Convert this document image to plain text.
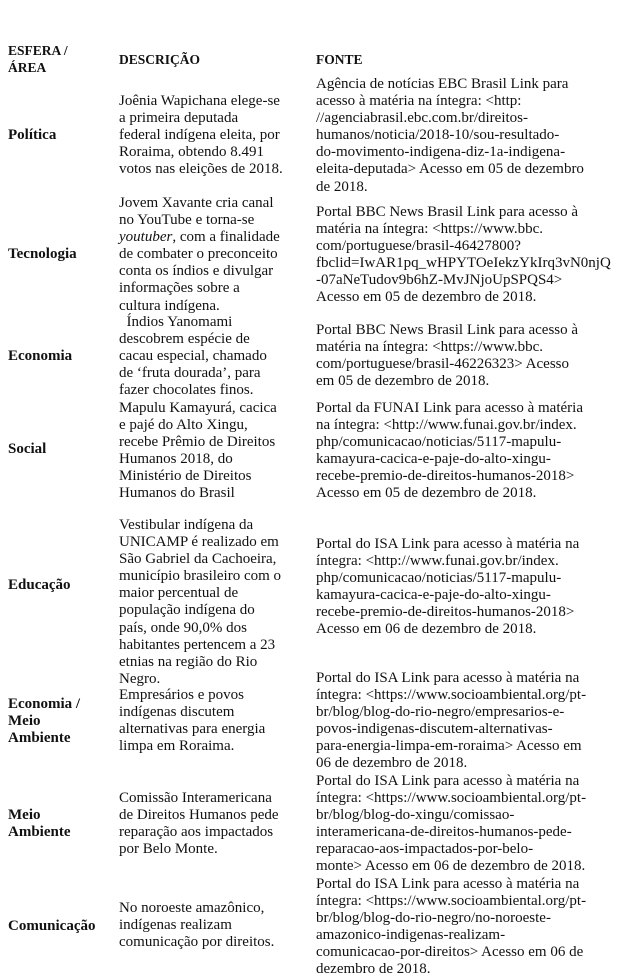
ESFERA /
ÁREA
DESCRIÇÃO	FONTE
Política
Joênia Wapichana elege-se
a primeira deputada
federal indígena eleita, por
Roraima, obtendo 8.491
votos nas eleições de 2018.
Agência de notícias EBC Brasil Link para
acesso à matéria na íntegra: <http:
//agenciabrasil.ebc.com.br/direitos-
humanos/noticia/2018-10/sou-resultado-
do-movimento-indigena-diz-1a-indigena-
eleita-deputada> Acesso em 05 de dezembro
de 2018.
Tecnologia
Jovem Xavante cria canal
no YouTube e torna-se
youtuber, com a finalidade
de combater o preconceito
conta os índios e divulgar
informações sobre a
cultura indígena.
Portal BBC News Brasil Link para acesso à
matéria na íntegra: <https://www.bbc.
com/portuguese/brasil-46427800?
fbclid=IwAR1pq_wHPYTOeIekzYkIrq3vN0njQ
-07aNeTudov9b6hZ-MvJNjoUpSPQS4>
Acesso em 05 de dezembro de 2018.
Economia
Índios Yanomami
descobrem espécie de
cacau especial, chamado
de ‘fruta dourada’, para
fazer chocolates finos.
Portal BBC News Brasil Link para acesso à
matéria na íntegra: <https://www.bbc.
com/portuguese/brasil-46226323> Acesso
em 05 de dezembro de 2018.
Social
Mapulu Kamayurá, cacica
e pajé do Alto Xingu,
recebe Prêmio de Direitos
Humanos 2018, do
Ministério de Direitos
Humanos do Brasil
Portal da FUNAI Link para acesso à matéria
na íntegra: <http://www.funai.gov.br/index.
php/comunicacao/noticias/5117-mapulu-
kamayura-cacica-e-paje-do-alto-xingu-
recebe-premio-de-direitos-humanos-2018>
Acesso em 05 de dezembro de 2018.
Educação
Vestibular indígena da
UNICAMP é realizado em
São Gabriel da Cachoeira,
município brasileiro com o
maior percentual de
população indígena do
país, onde 90,0% dos
habitantes pertencem a 23
etnias na região do Rio
Negro.
Portal do ISA Link para acesso à matéria na
íntegra: <http://www.funai.gov.br/index.
php/comunicacao/noticias/5117-mapulu-
kamayura-cacica-e-paje-do-alto-xingu-
recebe-premio-de-direitos-humanos-2018>
Acesso em 06 de dezembro de 2018.
Economia /
Meio
Ambiente
Empresários e povos
indígenas discutem
alternativas para energia
limpa em Roraima.
Portal do ISA Link para acesso à matéria na
íntegra: <https://www.socioambiental.org/pt-
br/blog/blog-do-rio-negro/empresarios-e-
povos-indigenas-discutem-alternativas-
para-energia-limpa-em-roraima> Acesso em
06 de dezembro de 2018.
Meio
Ambiente
Comissão Interamericana
de Direitos Humanos pede
reparação aos impactados
por Belo Monte.
Portal do ISA Link para acesso à matéria na
íntegra: <https://www.socioambiental.org/pt-
br/blog/blog-do-xingu/comissao-
interamericana-de-direitos-humanos-pede-
reparacao-aos-impactados-por-belo-
monte> Acesso em 06 de dezembro de 2018.
Comunicação
No noroeste amazônico,
indígenas realizam
comunicação por direitos.
Portal do ISA Link para acesso à matéria na
íntegra: <https://www.socioambiental.org/pt-
br/blog/blog-do-rio-negro/no-noroeste-
amazonico-indigenas-realizam-
comunicacao-por-direitos> Acesso em 06 de
dezembro de 2018.
